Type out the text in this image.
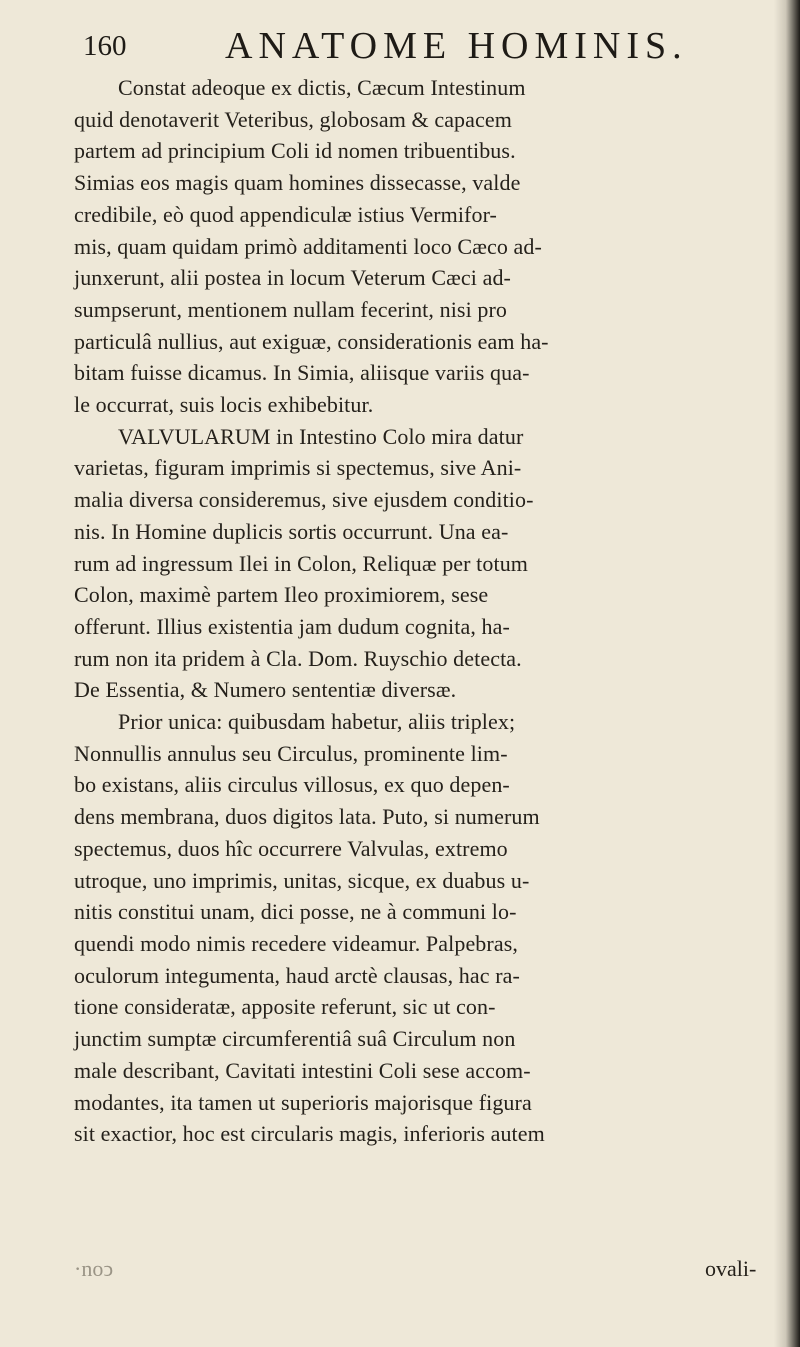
160	ANATOME HOMINIS.
Constat adeoque ex dictis, Cæcum Intestinum
quid denotaverit Veteribus, globosam & capacem
partem ad principium Coli id nomen tribuentibus.
Simias eos magis quam homines dissecasse, valde
credibile, eò quod appendiculæ istius Vermifor-
mis, quam quidam primò additamenti loco Cæco ad-
junxerunt, alii postea in locum Veterum Cæci ad-
sumpserunt, mentionem nullam fecerint, nisi pro
particulâ nullius, aut exiguæ, considerationis eam ha-
bitam fuisse dicamus. In Simia, aliisque variis qua-
le occurrat, suis locis exhibebitur.
VALVULARUM in Intestino Colo mira datur
varietas, figuram imprimis si spectemus, sive Ani-
malia diversa consideremus, sive ejusdem conditio-
nis. In Homine duplicis sortis occurrunt. Una ea-
rum ad ingressum Ilei in Colon, Reliquæ per totum
Colon, maximè partem Ileo proximiorem, sese
offerunt. Illius existentia jam dudum cognita, ha-
rum non ita pridem à Cla. Dom. Ruyschio detecta.
De Essentia, & Numero sententiæ diversæ.
Prior unica: quibusdam habetur, aliis triplex;
Nonnullis annulus seu Circulus, prominente lim-
bo existans, aliis circulus villosus, ex quo depen-
dens membrana, duos digitos lata. Puto, si numerum
spectemus, duos hîc occurrere Valvulas, extremo
utroque, uno imprimis, unitas, sicque, ex duabus u-
nitis constitui unam, dici posse, ne à communi lo-
quendi modo nimis recedere videamur. Palpebras,
oculorum integumenta, haud arctè clausas, hac ra-
tione consideratæ, apposite referunt, sic ut con-
junctim sumptæ circumferentiâ suâ Circulum non
male describant, Cavitati intestini Coli sese accom-
modantes, ita tamen ut superioris majorisque figura
sit exactior, hoc est circularis magis, inferioris autem
·noↄ	ovali-
